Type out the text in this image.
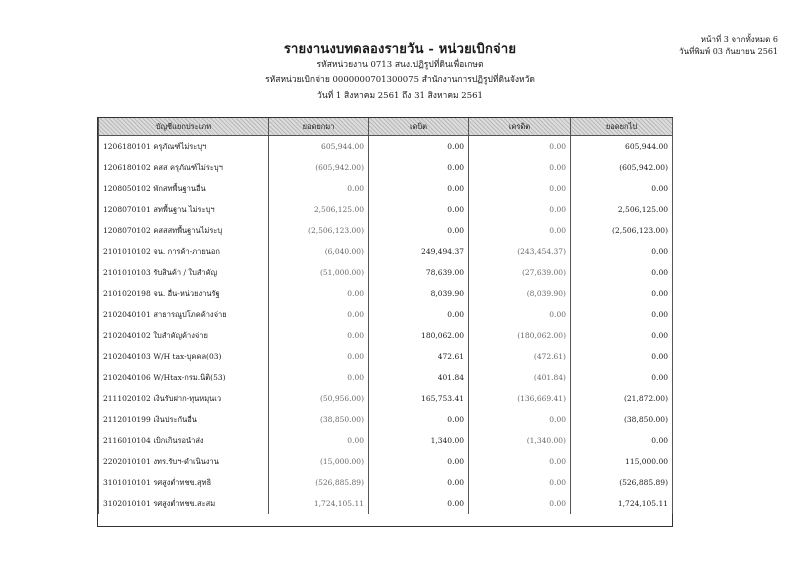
รายงานงบทดลองรายวัน - หน่วยเบิกจ่าย
รหัสหน่วยงาน 0713 สนง.ปฏิรูปที่ดินเพื่อเกษต
รหัสหน่วยเบิกจ่าย 0000000701300075 สำนักงานการปฏิรูปที่ดินจังหวัด
วันที่ 1 สิงหาคม 2561 ถึง 31 สิงหาคม 2561
หน้าที่ 3 จากทั้งหมด 6
วันที่พิมพ์ 03 กันยายน 2561
บัญชีแยกประเภท	ยอดยกมา	เดบิต	เครดิต	ยอดยกไป
1206180101 ครุภัณฑ์ไม่ระบุฯ	605,944.00	0.00	0.00	605,944.00
1206180102 คสส ครุภัณฑ์ไม่ระบุฯ	(605,942.00)	0.00	0.00	(605,942.00)
1208050102 พักสทพื้นฐานอื่น	0.00	0.00	0.00	0.00
1208070101 สทพื้นฐาน ไม่ระบุฯ	2,506,125.00	0.00	0.00	2,506,125.00
1208070102 คสสสทพื้นฐานไม่ระบุ	(2,506,123.00)	0.00	0.00	(2,506,123.00)
2101010102 จน. การค้า-ภายนอก	(6,040.00)	249,494.37	(243,454.37)	0.00
2101010103 รับสินค้า / ใบสำคัญ	(51,000.00)	78,639.00	(27,639.00)	0.00
2101020198 จน. อื่น-หน่วยงานรัฐ	0.00	8,039.90	(8,039.90)	0.00
2102040101 สาธารณูปโภคค้างจ่าย	0.00	0.00	0.00	0.00
2102040102 ใบสำคัญค้างจ่าย	0.00	180,062.00	(180,062.00)	0.00
2102040103 W/H tax-บุคคล(03)	0.00	472.61	(472.61)	0.00
2102040106 W/Htax-กรม.นิติ(53)	0.00	401.84	(401.84)	0.00
2111020102 เงินรับฝาก-ทุนหมุนเว	(50,956.00)	165,753.41	(136,669.41)	(21,872.00)
2112010199 เงินประกันอื่น	(38,850.00)	0.00	0.00	(38,850.00)
2116010104 เบิกเกินรอนำส่ง	0.00	1,340.00	(1,340.00)	0.00
2202010101 งทร.รับฯ-ดำเนินงาน	(15,000.00)	0.00	0.00	115,000.00
3101010101 รศสูงต่ำทชข.สุทธิ	(526,885.89)	0.00	0.00	(526,885.89)
3102010101 รศสูงต่ำทชข.สะสม	1,724,105.11	0.00	0.00	1,724,105.11
